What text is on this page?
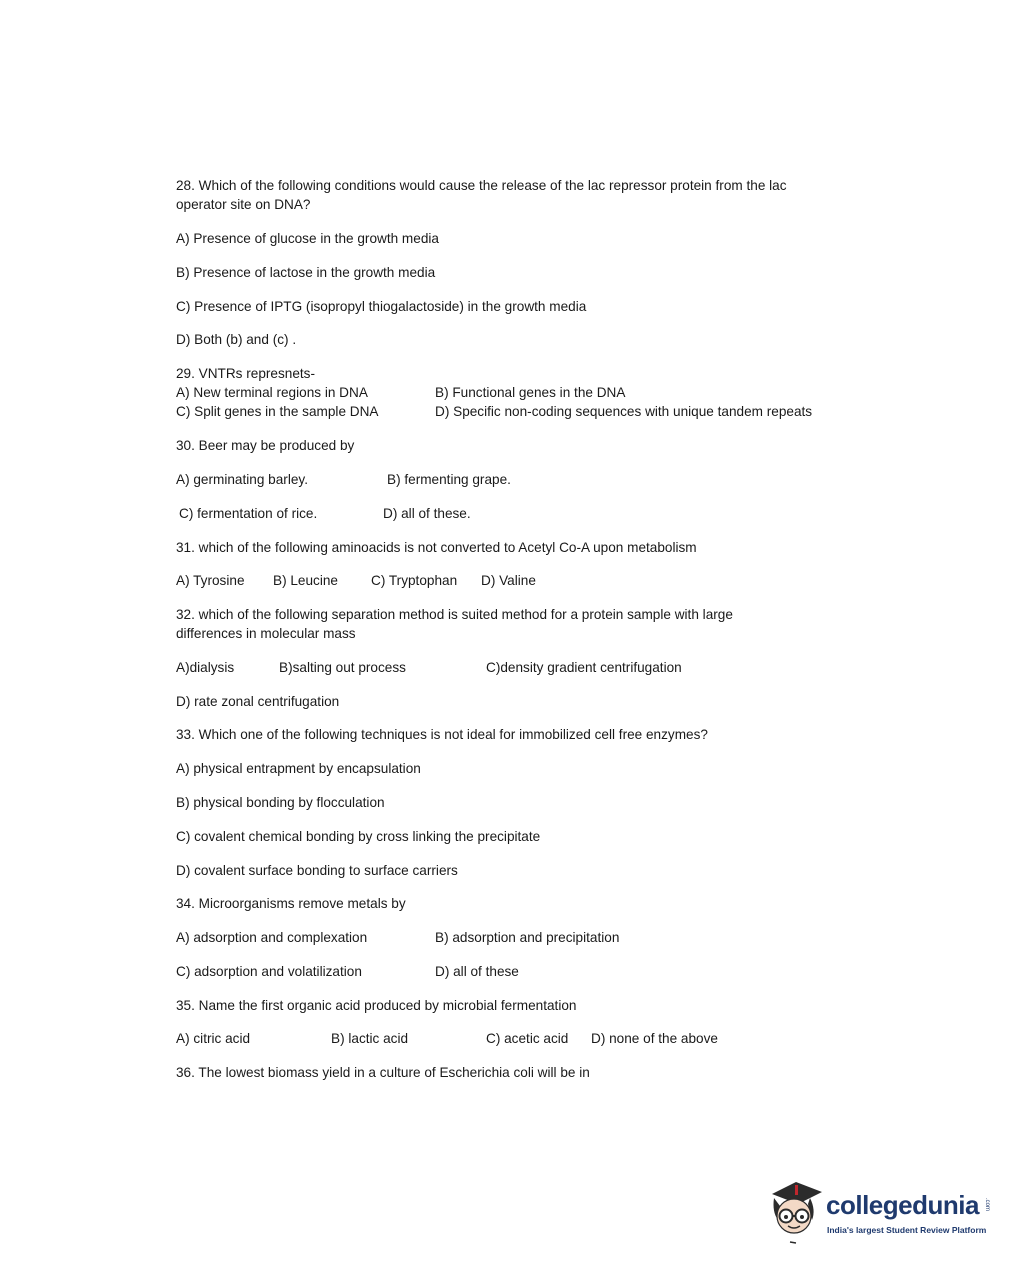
28. Which of the following conditions would cause the release of the lac repressor protein from the lac
operator site on DNA?
A) Presence of glucose in the growth media
B) Presence of lactose in the growth media
C) Presence of IPTG (isopropyl thiogalactoside) in the growth media
D) Both (b) and (c) .
29. VNTRs represnets-
A) New terminal regions in DNA	B) Functional genes in the DNA
C) Split genes in the sample DNA	D) Specific non-coding sequences with unique tandem repeats
30. Beer may be produced by
A) germinating barley.	B) fermenting grape.
C) fermentation of rice.	D) all of these.
31. which of the following aminoacids is not converted to Acetyl Co-A upon metabolism
A) Tyrosine B) Leucine C) Tryptophan D) Valine
32. which of the following separation method is suited method for a protein sample with large
differences in molecular mass
A)dialysis	B)salting out process	C)density gradient centrifugation
D) rate zonal centrifugation
33. Which one of the following techniques is not ideal for immobilized cell free enzymes?
A) physical entrapment by encapsulation
B) physical bonding by flocculation
C) covalent chemical bonding by cross linking the precipitate
D) covalent surface bonding to surface carriers
34. Microorganisms remove metals by
A) adsorption and complexation	B) adsorption and precipitation
C) adsorption and volatilization	D) all of these
35. Name the first organic acid produced by microbial fermentation
A) citric acid	B) lactic acid	C) acetic acid D) none of the above
36. The lowest biomass yield in a culture of Escherichia coli will be in
collegedunia .com
India's largest Student Review Platform
